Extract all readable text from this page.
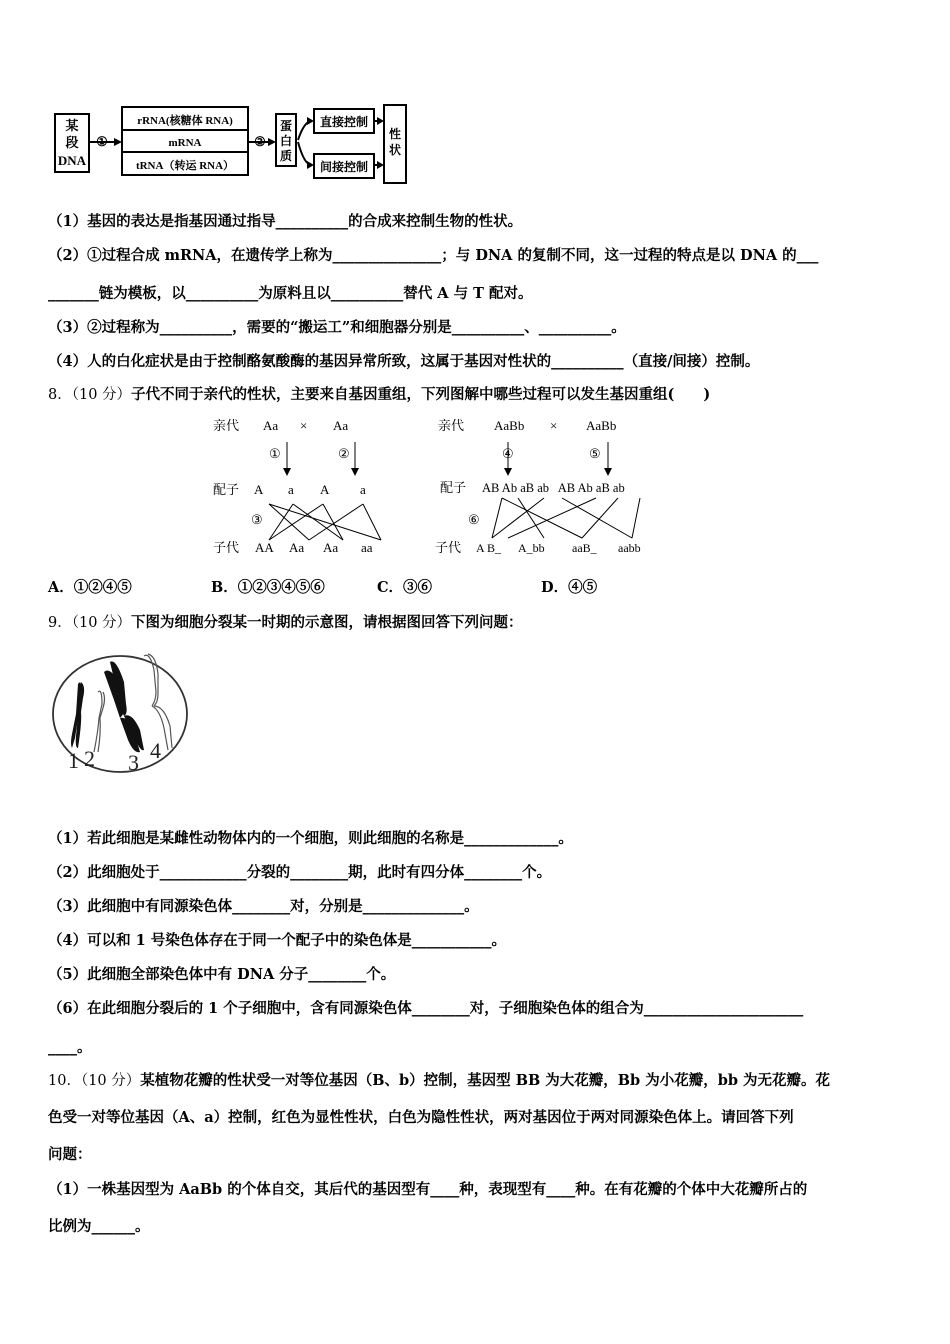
某
段
DNA
①
rRNA(核糖体 RNA)
mRNA
tRNA（转运 RNA）
②
蛋
白
质
直接控制
间接控制
性
状
（1）基因的表达是指基因通过指导__________的合成来控制生物的性状。
（2）①过程合成 mRNA，在遗传学上称为_______________；与 DNA 的复制不同，这一过程的特点是以 DNA 的___
_______链为模板，以__________为原料且以__________替代 A 与 T 配对。
（3）②过程称为__________，需要的“搬运工”和细胞器分别是__________、__________。
（4）人的白化症状是由于控制酪氨酸酶的基因异常所致，这属于基因对性状的__________（直接/间接）控制。
8．（10 分）子代不同于亲代的性状，主要来自基因重组，下列图解中哪些过程可以发生基因重组(　　)
亲代 Aa × Aa
①	②
配子 A a A a
③
子代 AA Aa Aa aa
亲代 AaBb × AaBb
④	⑤
配子 AB Ab aB ab   AB Ab aB ab
⑥
子代 A B_ A_bb aaB_ aabb
A．①②④⑤	B．①②③④⑤⑥	C．③⑥	D．④⑤
9．（10 分）下图为细胞分裂某一时期的示意图，请根据图回答下列问题：
1 2 3 4
（1）若此细胞是某雌性动物体内的一个细胞，则此细胞的名称是_____________。
（2）此细胞处于____________分裂的________期，此时有四分体________个。
（3）此细胞中有同源染色体________对，分别是______________。
（4）可以和 1 号染色体存在于同一个配子中的染色体是___________。
（5）此细胞全部染色体中有 DNA 分子________个。
（6）在此细胞分裂后的 1 个子细胞中，含有同源染色体________对，子细胞染色体的组合为______________________
____。
10．（10 分）某植物花瓣的性状受一对等位基因（B、b）控制，基因型 BB 为大花瓣，Bb 为小花瓣，bb 为无花瓣。花
色受一对等位基因（A、a）控制，红色为显性性状，白色为隐性性状，两对基因位于两对同源染色体上。请回答下列
问题：
（1）一株基因型为 AaBb 的个体自交，其后代的基因型有____种，表现型有____种。在有花瓣的个体中大花瓣所占的
比例为______。
